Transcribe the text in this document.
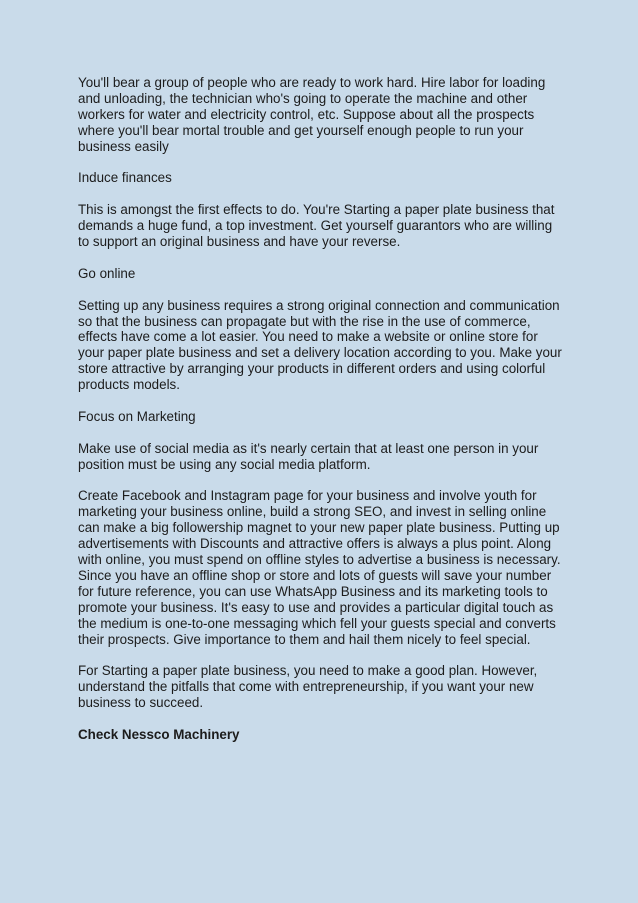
You'll bear a group of people who are ready to work hard. Hire labor for loading and unloading, the technician who's going to operate the machine and other workers for water and electricity control, etc. Suppose about all the prospects where you'll bear mortal trouble and get yourself enough people to run your business easily

Induce finances

This is amongst the first effects to do. You're Starting a paper plate business that demands a huge fund, a top investment. Get yourself guarantors who are willing to support an original business and have your reverse.

Go online

Setting up any business requires a strong original connection and communication so that the business can propagate but with the rise in the use of commerce, effects have come a lot easier. You need to make a website or online store for your paper plate business and set a delivery location according to you. Make your store attractive by arranging your products in different orders and using colorful products models.

Focus on Marketing

Make use of social media as it's nearly certain that at least one person in your position must be using any social media platform.

Create Facebook and Instagram page for your business and involve youth for marketing your business online, build a strong SEO, and invest in selling online can make a big followership magnet to your new paper plate business. Putting up advertisements with Discounts and attractive offers is always a plus point. Along with online, you must spend on offline styles to advertise a business is necessary. Since you have an offline shop or store and lots of guests will save your number for future reference, you can use WhatsApp Business and its marketing tools to promote your business. It's easy to use and provides a particular digital touch as the medium is one-to-one messaging which fell your guests special and converts their prospects. Give importance to them and hail them nicely to feel special.

For Starting a paper plate business, you need to make a good plan. However, understand the pitfalls that come with entrepreneurship, if you want your new business to succeed.

Check Nessco Machinery
